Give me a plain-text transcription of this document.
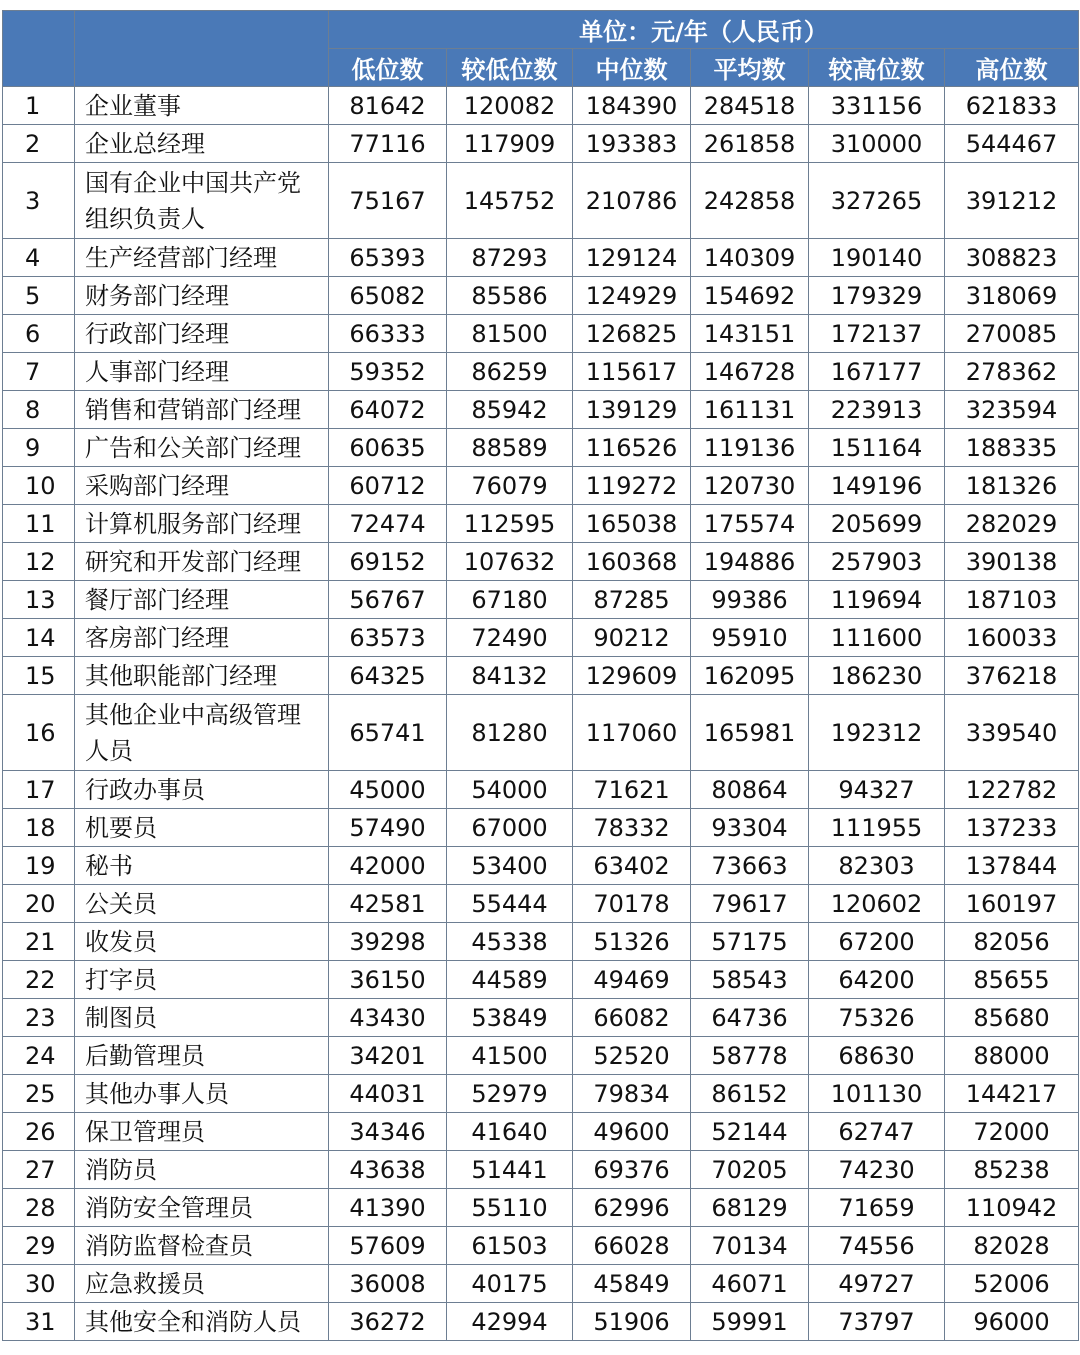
		单位：元/年（人民币）					
		低位数	较低位数	中位数	平均数	较高位数	高位数
1	企业董事	81642	120082	184390	284518	331156	621833
2	企业总经理	77116	117909	193383	261858	310000	544467
3	国有企业中国共产党组织负责人	75167	145752	210786	242858	327265	391212
4	生产经营部门经理	65393	87293	129124	140309	190140	308823
5	财务部门经理	65082	85586	124929	154692	179329	318069
6	行政部门经理	66333	81500	126825	143151	172137	270085
7	人事部门经理	59352	86259	115617	146728	167177	278362
8	销售和营销部门经理	64072	85942	139129	161131	223913	323594
9	广告和公关部门经理	60635	88589	116526	119136	151164	188335
10	采购部门经理	60712	76079	119272	120730	149196	181326
11	计算机服务部门经理	72474	112595	165038	175574	205699	282029
12	研究和开发部门经理	69152	107632	160368	194886	257903	390138
13	餐厅部门经理	56767	67180	87285	99386	119694	187103
14	客房部门经理	63573	72490	90212	95910	111600	160033
15	其他职能部门经理	64325	84132	129609	162095	186230	376218
16	其他企业中高级管理人员	65741	81280	117060	165981	192312	339540
17	行政办事员	45000	54000	71621	80864	94327	122782
18	机要员	57490	67000	78332	93304	111955	137233
19	秘书	42000	53400	63402	73663	82303	137844
20	公关员	42581	55444	70178	79617	120602	160197
21	收发员	39298	45338	51326	57175	67200	82056
22	打字员	36150	44589	49469	58543	64200	85655
23	制图员	43430	53849	66082	64736	75326	85680
24	后勤管理员	34201	41500	52520	58778	68630	88000
25	其他办事人员	44031	52979	79834	86152	101130	144217
26	保卫管理员	34346	41640	49600	52144	62747	72000
27	消防员	43638	51441	69376	70205	74230	85238
28	消防安全管理员	41390	55110	62996	68129	71659	110942
29	消防监督检查员	57609	61503	66028	70134	74556	82028
30	应急救援员	36008	40175	45849	46071	49727	52006
31	其他安全和消防人员	36272	42994	51906	59991	73797	96000
